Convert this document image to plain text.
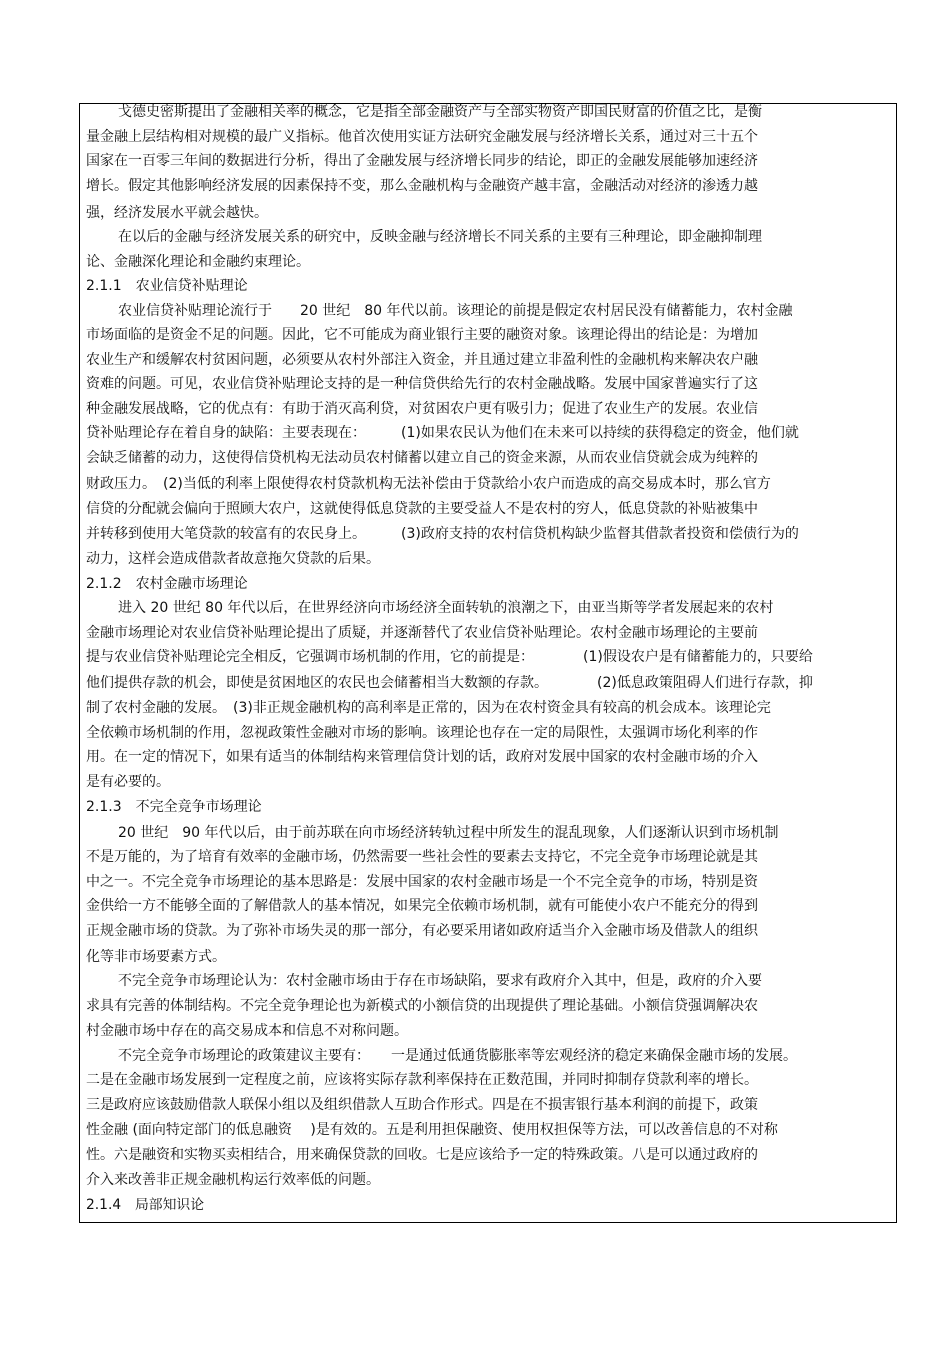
戈德史密斯提出了金融相关率的概念，它是指全部金融资产与全部实物资产即国民财富的价值之比，是衡
量金融上层结构相对规模的最广义指标。他首次使用实证方法研究金融发展与经济增长关系，通过对三十五个
国家在一百零三年间的数据进行分析，得出了金融发展与经济增长同步的结论，即正的金融发展能够加速经济
增长。假定其他影响经济发展的因素保持不变，那么金融机构与金融资产越丰富，金融活动对经济的渗透力越
强，经济发展水平就会越快。
在以后的金融与经济发展关系的研究中，反映金融与经济增长不同关系的主要有三种理论，即金融抑制理
论、金融深化理论和金融约束理论。
2.1.1　农业信贷补贴理论
农业信贷补贴理论流行于　　20 世纪　80 年代以前。该理论的前提是假定农村居民没有储蓄能力，农村金融
市场面临的是资金不足的问题。因此，它不可能成为商业银行主要的融资对象。该理论得出的结论是：为增加
农业生产和缓解农村贫困问题，必须要从农村外部注入资金，并且通过建立非盈利性的金融机构来解决农户融
资难的问题。可见，农业信贷补贴理论支持的是一种信贷供给先行的农村金融战略。发展中国家普遍实行了这
种金融发展战略，它的优点有：有助于消灭高利贷，对贫困农户更有吸引力；促进了农业生产的发展。农业信
贷补贴理论存在着自身的缺陷：主要表现在：　　　(1)如果农民认为他们在未来可以持续的获得稳定的资金，他们就
会缺乏储蓄的动力，这使得信贷机构无法动员农村储蓄以建立自己的资金来源，从而农业信贷就会成为纯粹的
财政压力。　(2)当低的利率上限使得农村贷款机构无法补偿由于贷款给小农户而造成的高交易成本时，那么官方
信贷的分配就会偏向于照顾大农户，这就使得低息贷款的主要受益人不是农村的穷人，低息贷款的补贴被集中
并转移到使用大笔贷款的较富有的农民身上。　　　(3)政府支持的农村信贷机构缺少监督其借款者投资和偿债行为的
动力，这样会造成借款者故意拖欠贷款的后果。
2.1.2　农村金融市场理论
进入 20 世纪 80 年代以后，在世界经济向市场经济全面转轨的浪潮之下，由亚当斯等学者发展起来的农村
金融市场理论对农业信贷补贴理论提出了质疑，并逐渐替代了农业信贷补贴理论。农村金融市场理论的主要前
提与农业信贷补贴理论完全相反，它强调市场机制的作用，它的前提是：　　　　(1)假设农户是有储蓄能力的，只要给
他们提供存款的机会，即使是贫困地区的农民也会储蓄相当大数额的存款。　　　　(2)低息政策阻碍人们进行存款，抑
制了农村金融的发展。　(3)非正规金融机构的高利率是正常的，因为在农村资金具有较高的机会成本。该理论完
全依赖市场机制的作用，忽视政策性金融对市场的影响。该理论也存在一定的局限性，太强调市场化利率的作
用。在一定的情况下，如果有适当的体制结构来管理信贷计划的话，政府对发展中国家的农村金融市场的介入
是有必要的。
2.1.3　不完全竞争市场理论
20 世纪　90 年代以后，由于前苏联在向市场经济转轨过程中所发生的混乱现象，人们逐渐认识到市场机制
不是万能的，为了培育有效率的金融市场，仍然需要一些社会性的要素去支持它，不完全竞争市场理论就是其
中之一。不完全竞争市场理论的基本思路是：发展中国家的农村金融市场是一个不完全竞争的市场，特别是资
金供给一方不能够全面的了解借款人的基本情况，如果完全依赖市场机制，就有可能使小农户不能充分的得到
正规金融市场的贷款。为了弥补市场失灵的那一部分，有必要采用诸如政府适当介入金融市场及借款人的组织
化等非市场要素方式。
不完全竞争市场理论认为：农村金融市场由于存在市场缺陷，要求有政府介入其中，但是，政府的介入要
求具有完善的体制结构。不完全竞争理论也为新模式的小额信贷的出现提供了理论基础。小额信贷强调解决农
村金融市场中存在的高交易成本和信息不对称问题。
不完全竞争市场理论的政策建议主要有：　　一是通过低通货膨胀率等宏观经济的稳定来确保金融市场的发展。
二是在金融市场发展到一定程度之前，应该将实际存款利率保持在正数范围，并同时抑制存贷款利率的增长。
三是政府应该鼓励借款人联保小组以及组织借款人互助合作形式。四是在不损害银行基本利润的前提下，政策
性金融 (面向特定部门的低息融资　 )是有效的。五是利用担保融资、使用权担保等方法，可以改善信息的不对称
性。六是融资和实物买卖相结合，用来确保贷款的回收。七是应该给予一定的特殊政策。八是可以通过政府的
介入来改善非正规金融机构运行效率低的问题。
2.1.4　局部知识论
